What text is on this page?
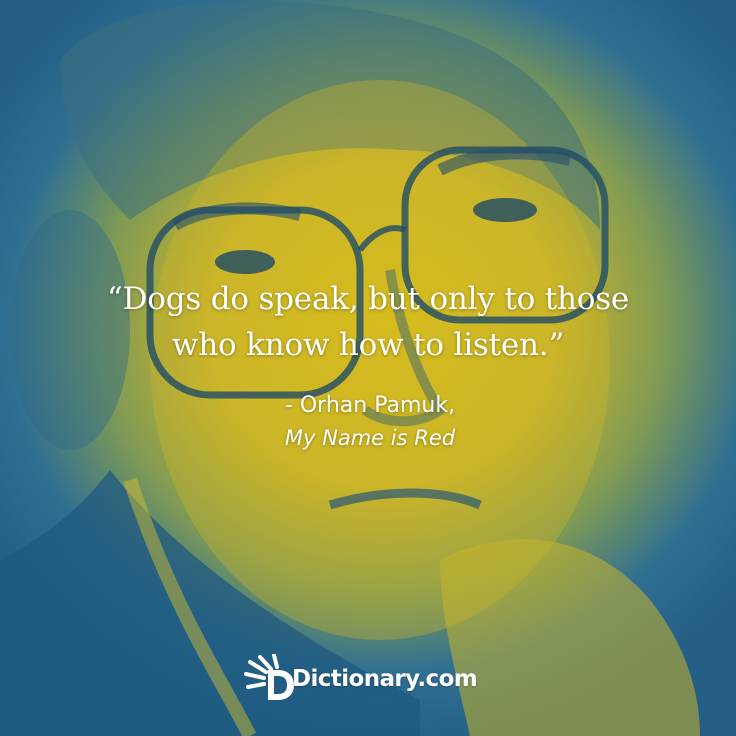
“Dogs do speak, but only to those
who know how to listen.”
- Orhan Pamuk,
My Name is Red
Dictionary.com
